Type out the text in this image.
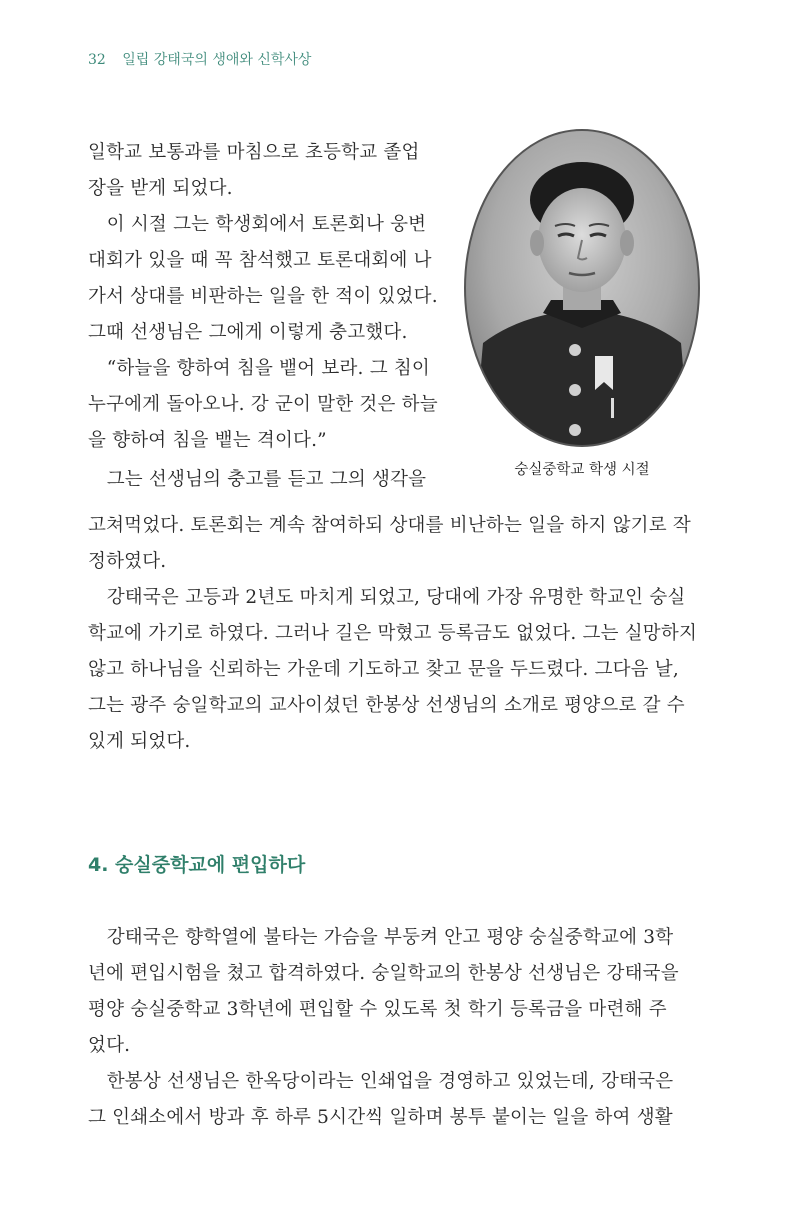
32 일립 강태국의 생애와 신학사상
일학교 보통과를 마침으로 초등학교 졸업
장을 받게 되었다.
　이 시절 그는 학생회에서 토론회나 웅변
대회가 있을 때 꼭 참석했고 토론대회에 나
가서 상대를 비판하는 일을 한 적이 있었다.
그때 선생님은 그에게 이렇게 충고했다.
　“하늘을 향하여 침을 뱉어 보라. 그 침이
누구에게 돌아오나. 강 군이 말한 것은 하늘
을 향하여 침을 뱉는 격이다.”
　그는 선생님의 충고를 듣고 그의 생각을
고쳐먹었다. 토론회는 계속 참여하되 상대를 비난하는 일을 하지 않기로 작
정하였다.
　강태국은 고등과 2년도 마치게 되었고, 당대에 가장 유명한 학교인 숭실
학교에 가기로 하였다. 그러나 길은 막혔고 등록금도 없었다. 그는 실망하지
않고 하나님을 신뢰하는 가운데 기도하고 찾고 문을 두드렸다. 그다음 날,
그는 광주 숭일학교의 교사이셨던 한봉상 선생님의 소개로 평양으로 갈 수
있게 되었다.
숭실중학교 학생 시절
4. 숭실중학교에 편입하다
　강태국은 향학열에 불타는 가슴을 부둥켜 안고 평양 숭실중학교에 3학
년에 편입시험을 쳤고 합격하였다. 숭일학교의 한봉상 선생님은 강태국을
평양 숭실중학교 3학년에 편입할 수 있도록 첫 학기 등록금을 마련해 주
었다.
　한봉상 선생님은 한옥당이라는 인쇄업을 경영하고 있었는데, 강태국은
그 인쇄소에서 방과 후 하루 5시간씩 일하며 봉투 붙이는 일을 하여 생활
